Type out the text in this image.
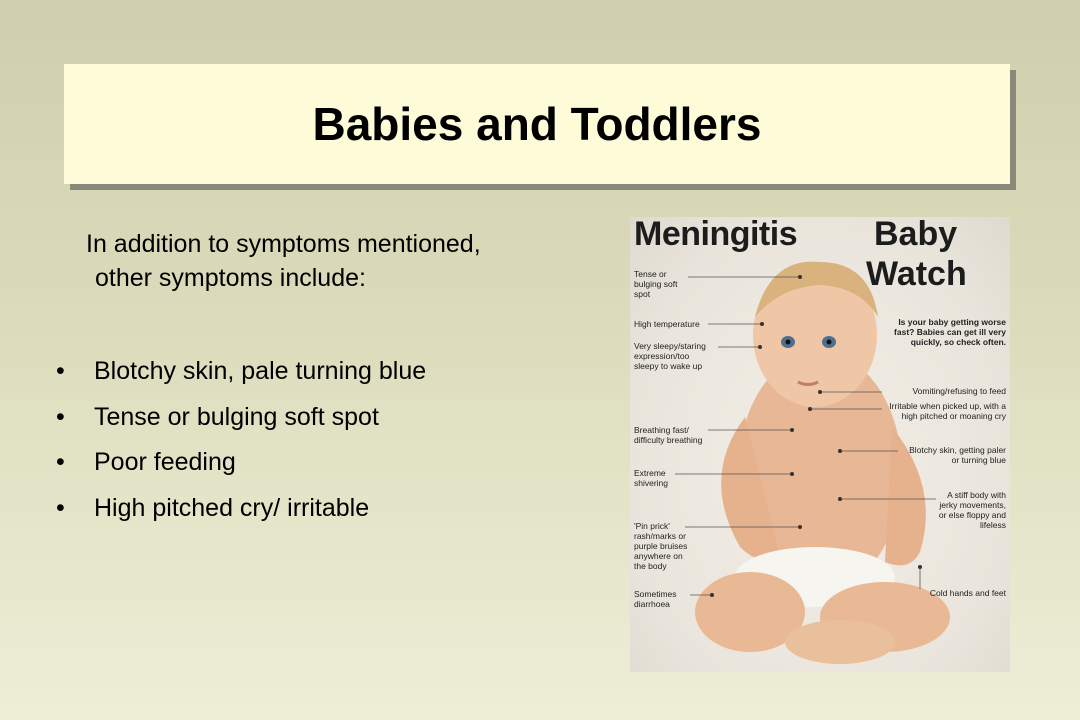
Babies and Toddlers
In addition to symptoms mentioned,

other symptoms include:
•	Blotchy skin, pale turning blue
•	Tense or bulging soft spot
•	Poor feeding
•	High pitched cry/ irritable
Meningitis Baby
Watch
Is your baby getting worse fast? Babies can get ill very quickly, so check often.
Tense or bulging soft spot
High temperature
Very sleepy/staring expression/too sleepy to wake up
Breathing fast/ difficulty breathing
Extreme shivering
'Pin prick' rash/marks or purple bruises anywhere on the body
Sometimes diarrhoea
Vomiting/refusing to feed
Irritable when picked up, with a high pitched or moaning cry
Blotchy skin, getting paler or turning blue
A stiff body with jerky movements, or else floppy and lifeless
Cold hands and feet
